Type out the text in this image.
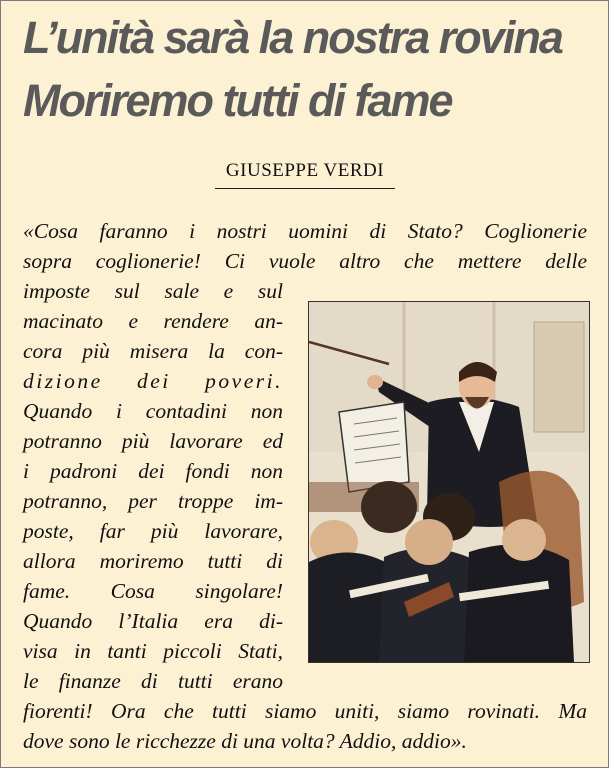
L’unità sarà la nostra rovina
Moriremo tutti di fame
GIUSEPPE VERDI

«Cosa faranno i nostri uomini di Stato? Coglionerie

sopra coglionerie! Ci vuole altro che mettere delle

imposte sul sale e sul

macinato e rendere an-

cora più misera la con-

dizione dei poveri.

Quando i contadini non

potranno più lavorare ed

i padroni dei fondi non

potranno, per troppe im-

poste, far più lavorare,

allora moriremo tutti di

fame. Cosa singolare!

Quando l’Italia era di-

visa in tanti piccoli Stati,

le finanze di tutti erano

fiorenti! Ora che tutti siamo uniti, siamo rovinati. Ma

dove sono le ricchezze di una volta? Addio, addio».
